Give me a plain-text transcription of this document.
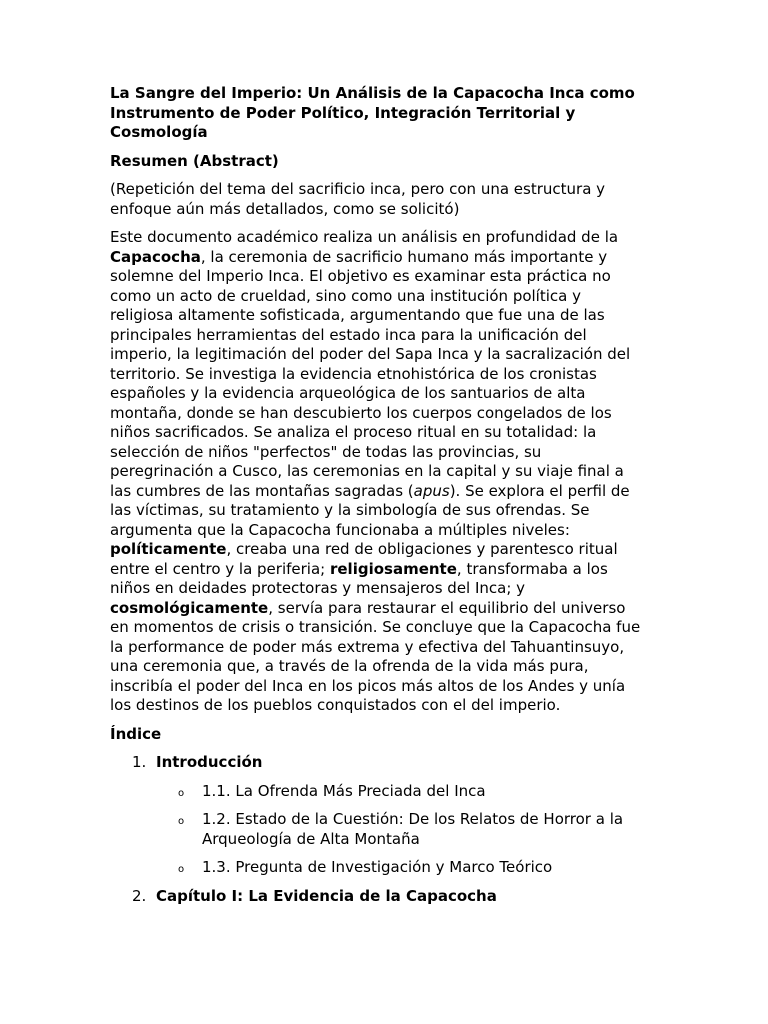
La Sangre del Imperio: Un Análisis de la Capacocha Inca como
Instrumento de Poder Político, Integración Territorial y
Cosmología
Resumen (Abstract)
(Repetición del tema del sacrificio inca, pero con una estructura y
enfoque aún más detallados, como se solicitó)
Este documento académico realiza un análisis en profundidad de la
Capacocha, la ceremonia de sacrificio humano más importante y
solemne del Imperio Inca. El objetivo es examinar esta práctica no
como un acto de crueldad, sino como una institución política y
religiosa altamente sofisticada, argumentando que fue una de las
principales herramientas del estado inca para la unificación del
imperio, la legitimación del poder del Sapa Inca y la sacralización del
territorio. Se investiga la evidencia etnohistórica de los cronistas
españoles y la evidencia arqueológica de los santuarios de alta
montaña, donde se han descubierto los cuerpos congelados de los
niños sacrificados. Se analiza el proceso ritual en su totalidad: la
selección de niños "perfectos" de todas las provincias, su
peregrinación a Cusco, las ceremonias en la capital y su viaje final a
las cumbres de las montañas sagradas (apus). Se explora el perfil de
las víctimas, su tratamiento y la simbología de sus ofrendas. Se
argumenta que la Capacocha funcionaba a múltiples niveles:
políticamente, creaba una red de obligaciones y parentesco ritual
entre el centro y la periferia; religiosamente, transformaba a los
niños en deidades protectoras y mensajeros del Inca; y
cosmológicamente, servía para restaurar el equilibrio del universo
en momentos de crisis o transición. Se concluye que la Capacocha fue
la performance de poder más extrema y efectiva del Tahuantinsuyo,
una ceremonia que, a través de la ofrenda de la vida más pura,
inscribía el poder del Inca en los picos más altos de los Andes y unía
los destinos de los pueblos conquistados con el del imperio.
Índice
1. Introducción
o 1.1. La Ofrenda Más Preciada del Inca
o 1.2. Estado de la Cuestión: De los Relatos de Horror a la
Arqueología de Alta Montaña
o 1.3. Pregunta de Investigación y Marco Teórico
2. Capítulo I: La Evidencia de la Capacocha
